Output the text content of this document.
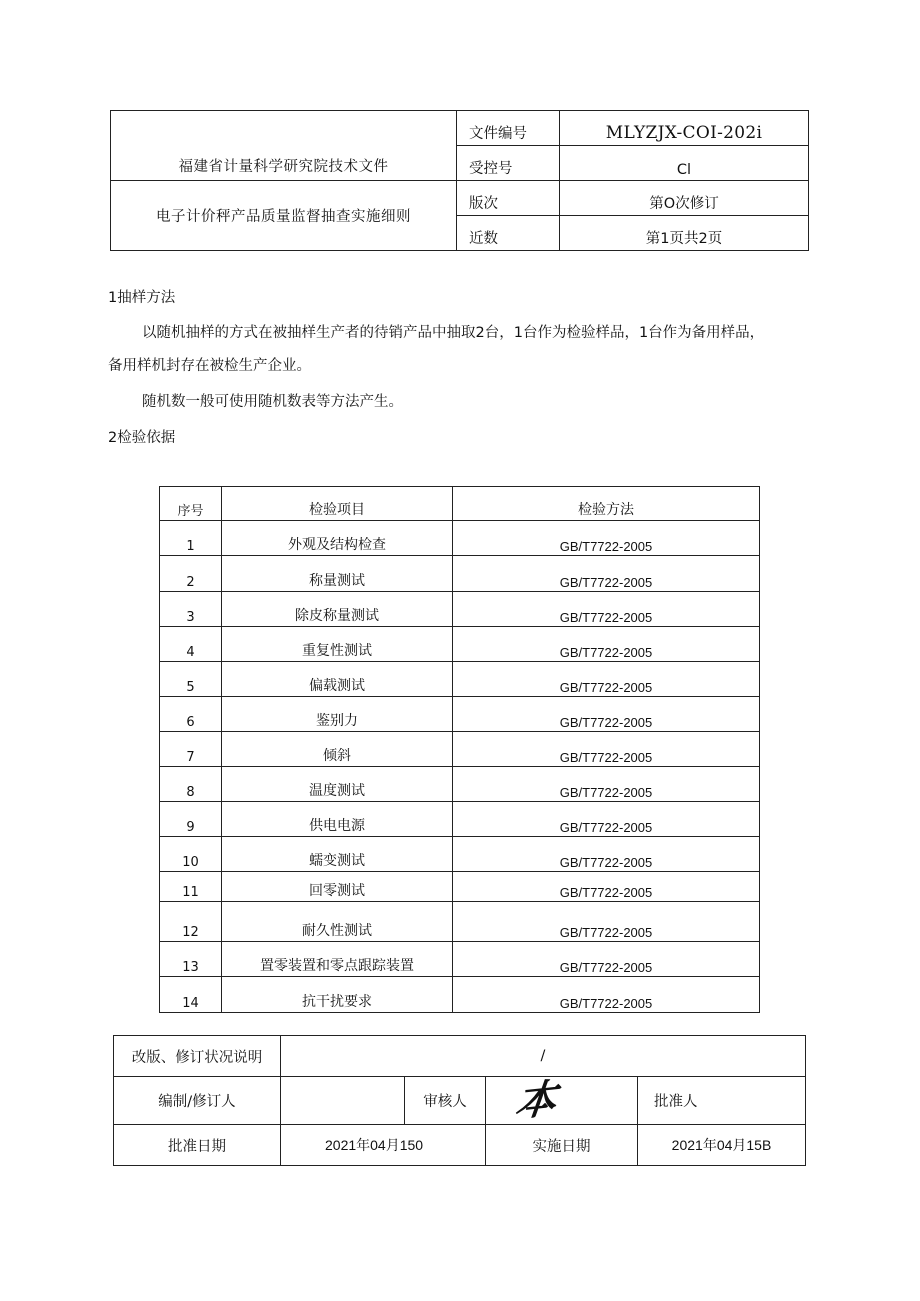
福建省计量科学研究院技术文件	文件编号	MLYZJX-COI-202i
	受控号	Cl
电子计价秤产品质量监督抽查实施细则	版次	第O次修订
	近数	第1页共2页
1抽样方法
以随机抽样的方式在被抽样生产者的待销产品中抽取2台，1台作为检验样品，1台作为备用样品，
备用样机封存在被检生产企业。
随机数一般可使用随机数表等方法产生。
2检验依据
序号	检验项目	检验方法
1	外观及结构检查	GB/T7722-2005
2	称量测试	GB/T7722-2005
3	除皮称量测试	GB/T7722-2005
4	重复性测试	GB/T7722-2005
5	偏载测试	GB/T7722-2005
6	鉴别力	GB/T7722-2005
7	倾斜	GB/T7722-2005
8	温度测试	GB/T7722-2005
9	供电电源	GB/T7722-2005
10	蠕变测试	GB/T7722-2005
11	回零测试	GB/T7722-2005
12	耐久性测试	GB/T7722-2005
13	置零装置和零点跟踪装置	GB/T7722-2005
14	抗干扰要求	GB/T7722-2005
改版、修订状况说明	/			
编制/修订人		审核人	本	批准人
批准日期	2021年04月150		实施日期	2021年04月15B
